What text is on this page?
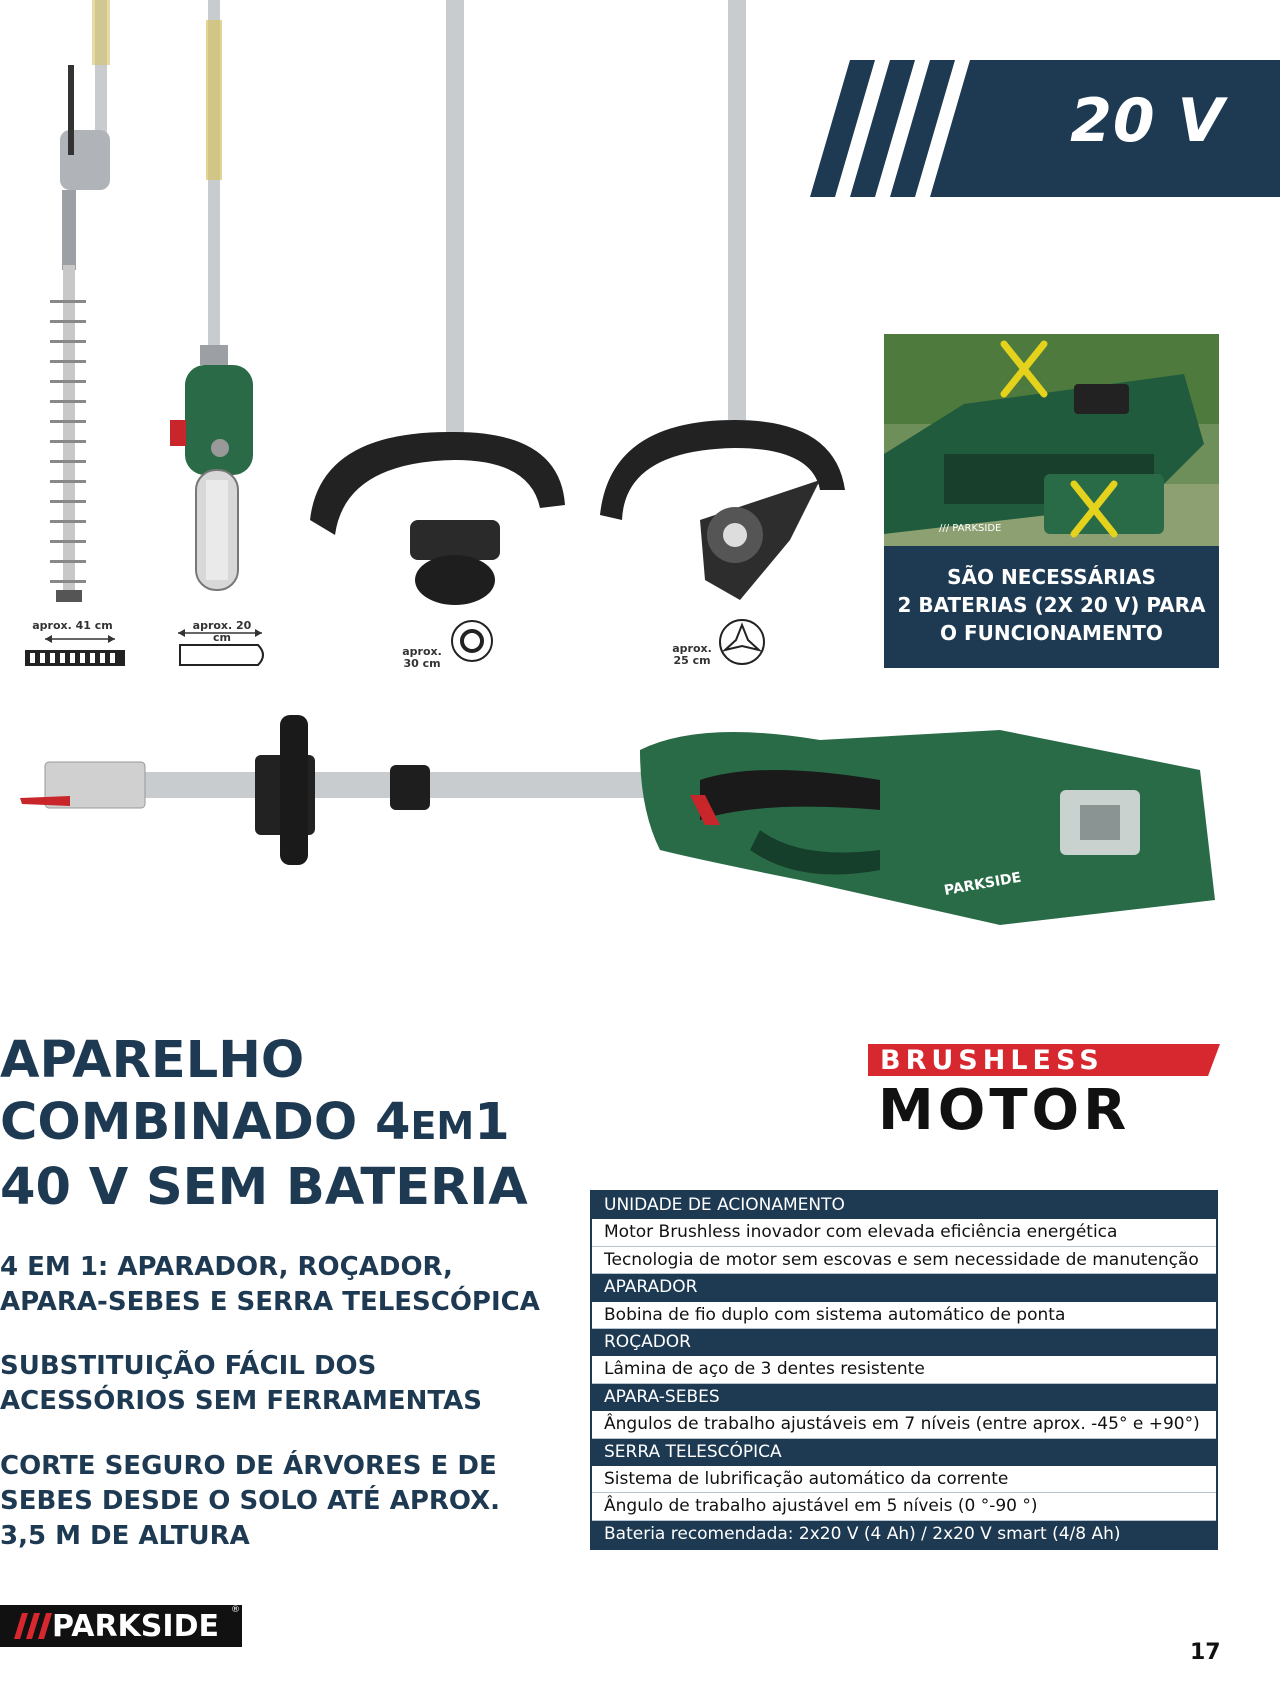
aprox. 41 cm	aprox. 20 cm
aprox.
30 cm
aprox.
25 cm
20 V
/// PARKSIDE
SÃO NECESSÁRIAS
2 BATERIAS (2X 20 V) PARA
O FUNCIONAMENTO
PARKSIDE
APARELHO
COMBINADO 4EM1
40 V SEM BATERIA
4 EM 1: APARADOR, ROÇADOR,
APARA-SEBES E SERRA TELESCÓPICA
SUBSTITUIÇÃO FÁCIL DOS
ACESSÓRIOS SEM FERRAMENTAS
CORTE SEGURO DE ÁRVORES E DE
SEBES DESDE O SOLO ATÉ APROX.
3,5 M DE ALTURA
BRUSHLESS
MOTOR
UNIDADE DE ACIONAMENTO
Motor Brushless inovador com elevada eficiência energética
Tecnologia de motor sem escovas e sem necessidade de manutenção
APARADOR
Bobina de fio duplo com sistema automático de ponta
ROÇADOR
Lâmina de aço de 3 dentes resistente
APARA-SEBES
Ângulos de trabalho ajustáveis em 7 níveis (entre aprox. -45° e +90°)
SERRA TELESCÓPICA
Sistema de lubrificação automático da corrente
Ângulo de trabalho ajustável em 5 níveis (0 °-90 °)
Bateria recomendada: 2x20 V (4 Ah) / 2x20 V smart (4/8 Ah)
PARKSIDE ®
17
